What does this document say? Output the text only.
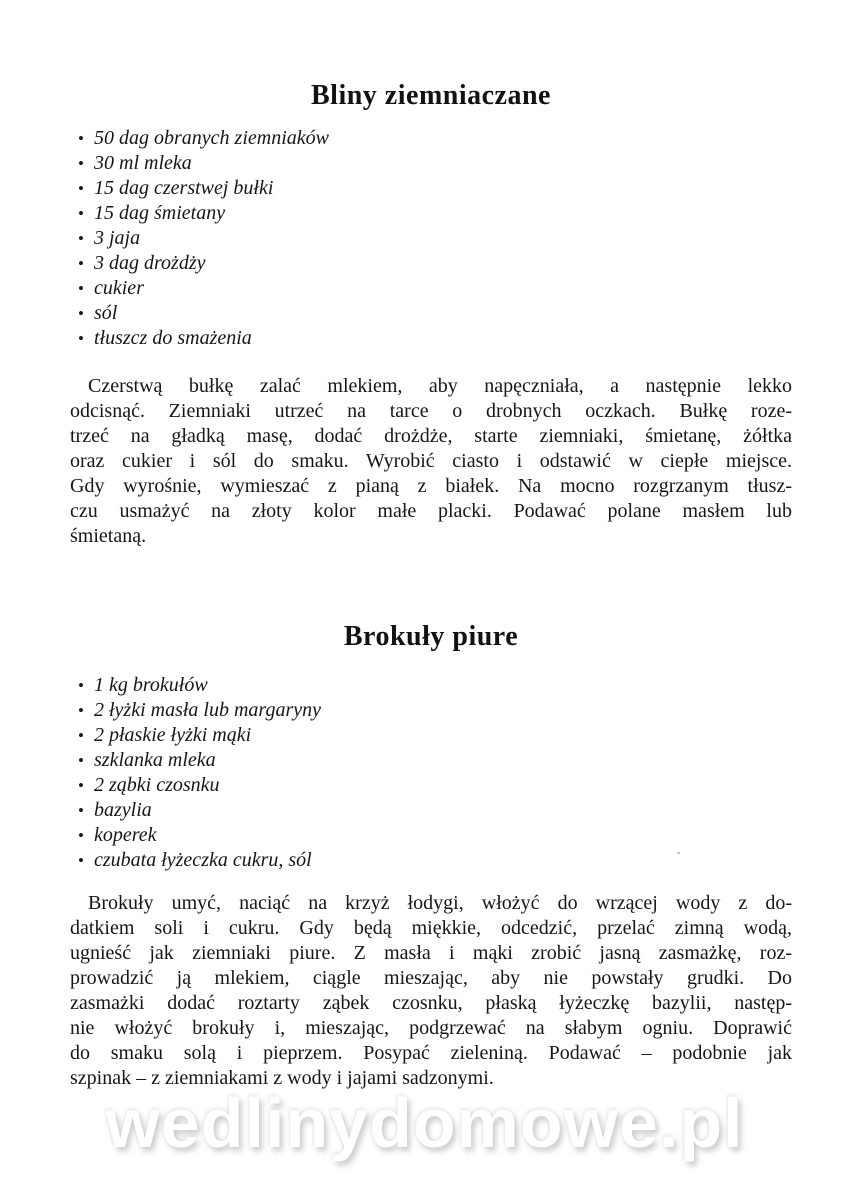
Bliny ziemniaczane
• 50 dag obranych ziemniaków
• 30 ml mleka
• 15 dag czerstwej bułki
• 15 dag śmietany
• 3 jaja
• 3 dag drożdży
• cukier
• sól
• tłuszcz do smażenia
Czerstwą bułkę zalać mlekiem, aby napęczniała, a następnie lekko
odcisnąć. Ziemniaki utrzeć na tarce o drobnych oczkach. Bułkę roze-
trzeć na gładką masę, dodać drożdże, starte ziemniaki, śmietanę, żółtka
oraz cukier i sól do smaku. Wyrobić ciasto i odstawić w ciepłe miejsce.
Gdy wyrośnie, wymieszać z pianą z białek. Na mocno rozgrzanym tłusz-
czu usmażyć na złoty kolor małe placki. Podawać polane masłem lub
śmietaną.
Brokuły piure
• 1 kg brokułów
• 2 łyżki masła lub margaryny
• 2 płaskie łyżki mąki
• szklanka mleka
• 2 ząbki czosnku
• bazylia
• koperek
• czubata łyżeczka cukru, sól
Brokuły umyć, naciąć na krzyż łodygi, włożyć do wrzącej wody z do-
datkiem soli i cukru. Gdy będą miękkie, odcedzić, przelać zimną wodą,
ugnieść jak ziemniaki piure. Z masła i mąki zrobić jasną zasmażkę, roz-
prowadzić ją mlekiem, ciągle mieszając, aby nie powstały grudki. Do
zasmażki dodać roztarty ząbek czosnku, płaską łyżeczkę bazylii, następ-
nie włożyć brokuły i, mieszając, podgrzewać na słabym ogniu. Doprawić
do smaku solą i pieprzem. Posypać zieleniną. Podawać – podobnie jak
szpinak – z ziemniakami z wody i jajami sadzonymi.
wedlinydomowe.pl
